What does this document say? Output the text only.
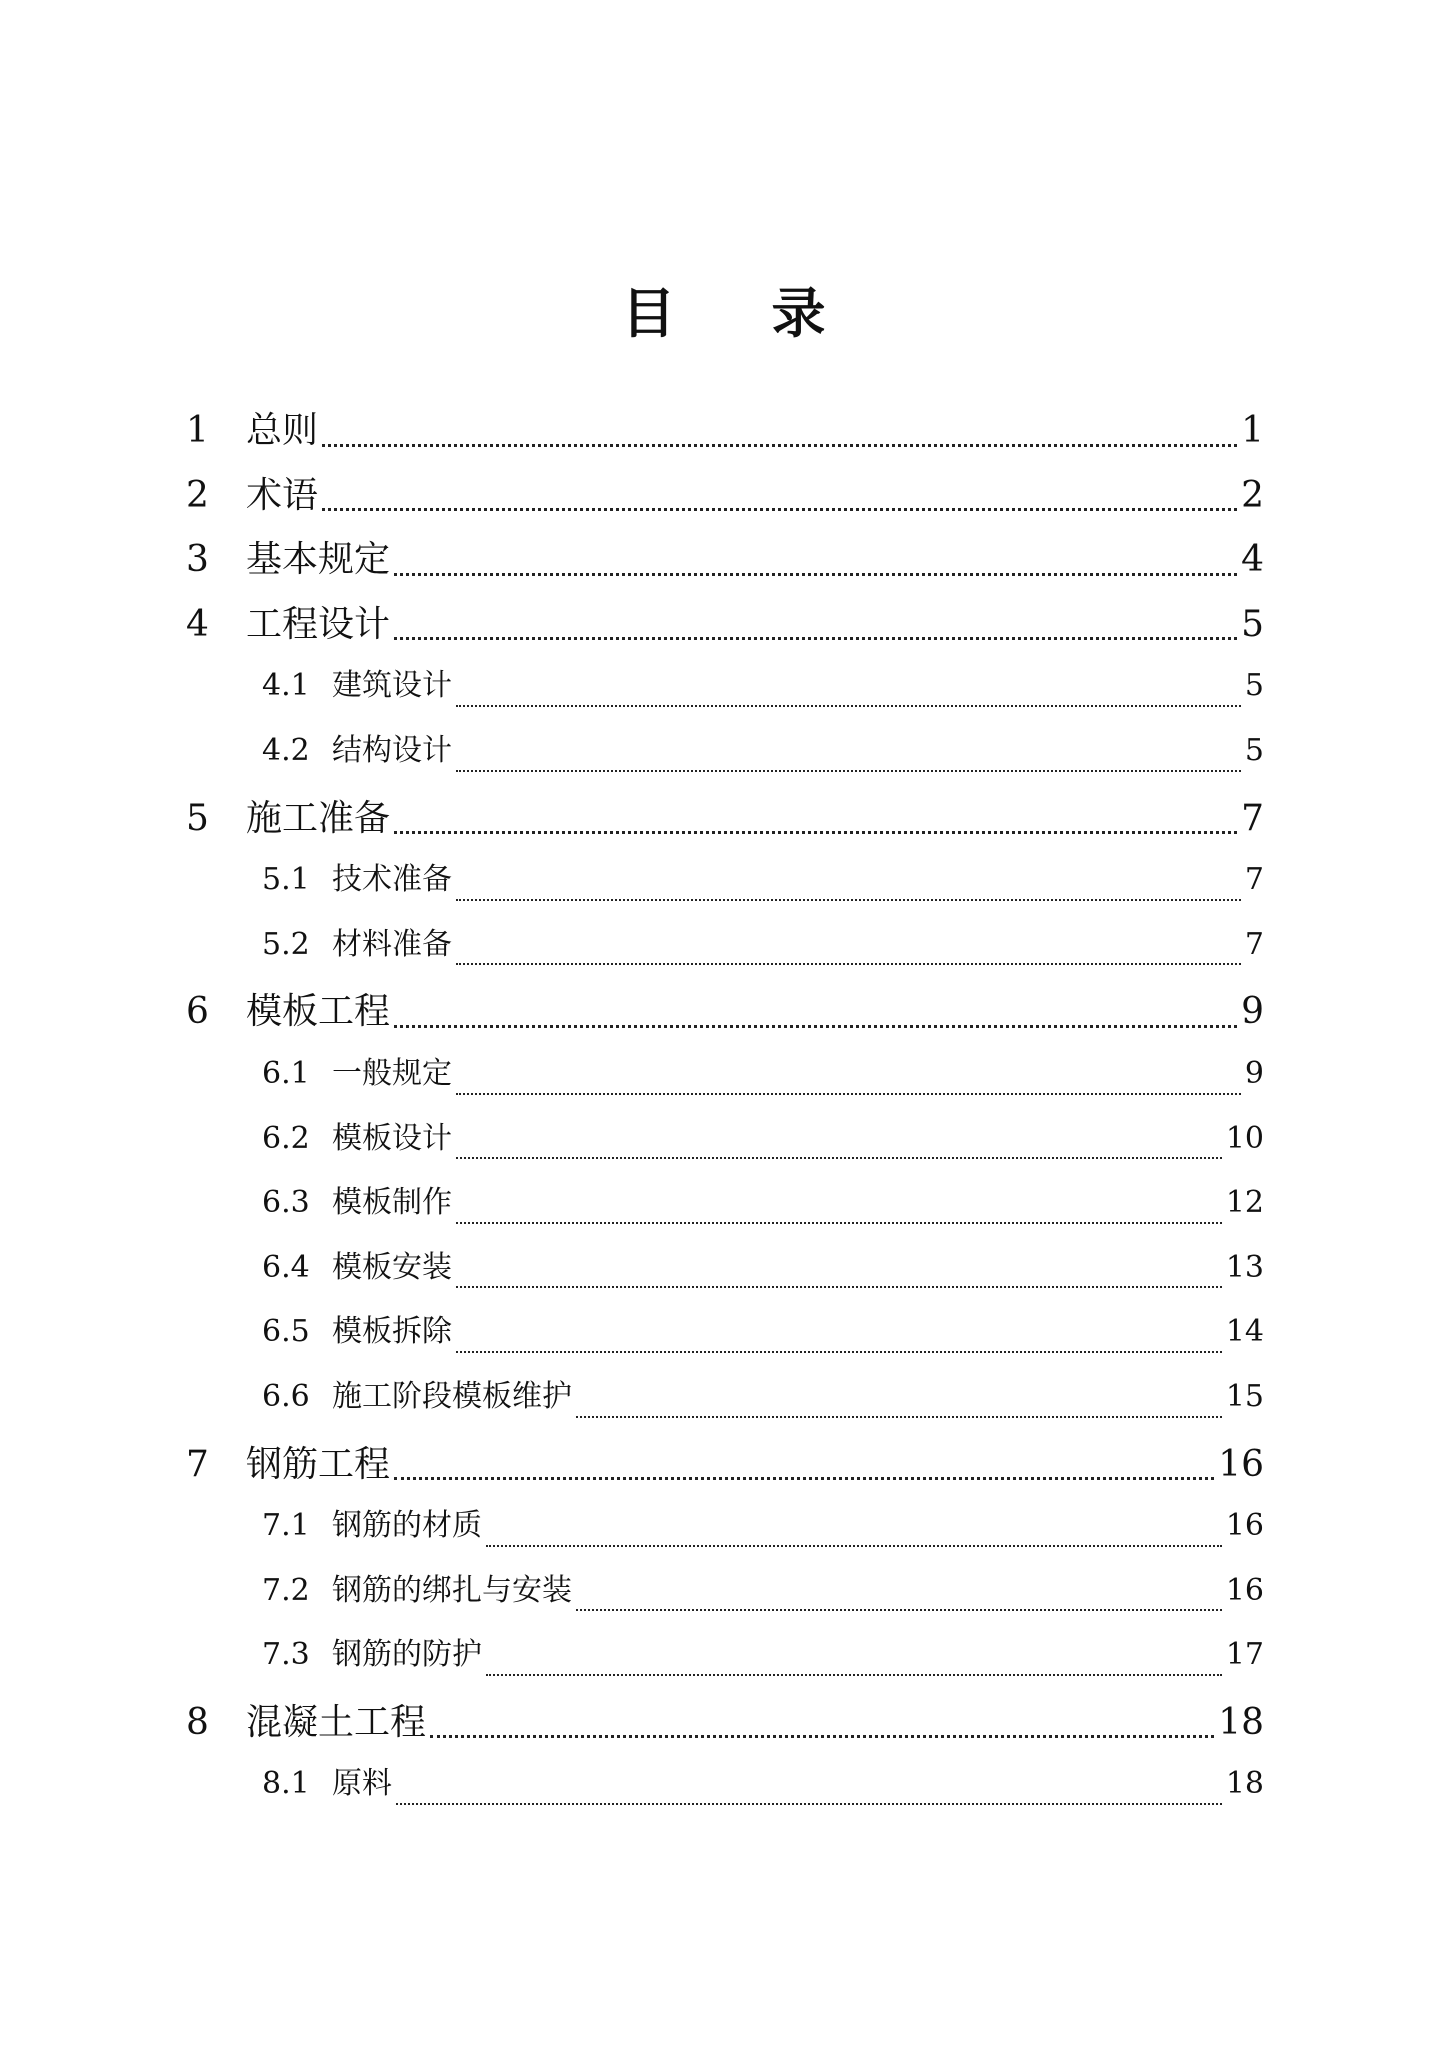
目 录
1	总则	1
2	术语	2
3	基本规定	4
4	工程设计	5
4.1 建筑设计	5
4.2 结构设计	5
5	施工准备	7
5.1 技术准备	7
5.2 材料准备	7
6	模板工程	9
6.1 一般规定	9
6.2 模板设计	10
6.3 模板制作	12
6.4 模板安装	13
6.5 模板拆除	14
6.6 施工阶段模板维护	15
7	钢筋工程	16
7.1 钢筋的材质	16
7.2 钢筋的绑扎与安装	16
7.3 钢筋的防护	17
8	混凝土工程	18
8.1 原料	18
